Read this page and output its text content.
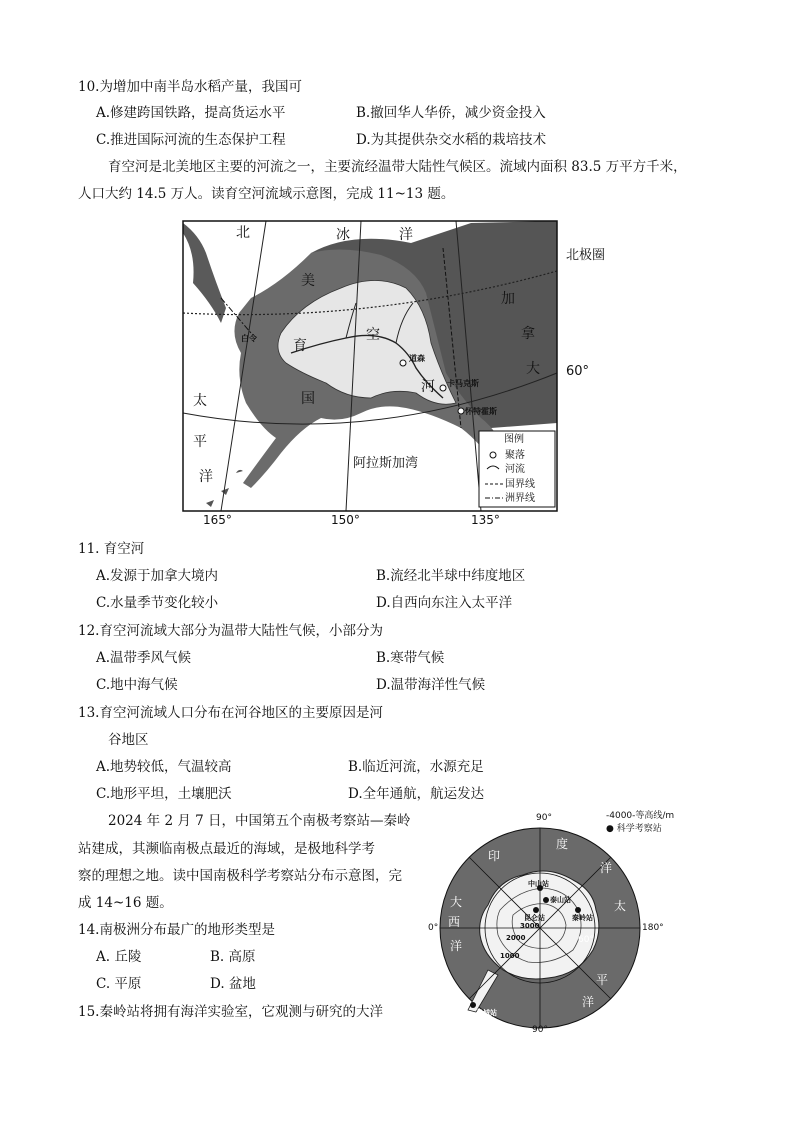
10.为增加中南半岛水稻产量，我国可
A.修建跨国铁路，提高货运水平	B.撤回华人华侨，减少资金投入
C.推进国际河流的生态保护工程	D.为其提供杂交水稻的栽培技术
育空河是北美地区主要的河流之一，主要流经温带大陆性气候区。流域内面积 83.5 万平方千米，
人口大约 14.5 万人。读育空河流域示意图，完成 11~13 题。
北	冰	洋
美
育
国
空
河
加
拿
大
太
平
洋
阿拉斯加湾
道森
卡马克斯
怀特霍斯
白令
图例
聚落
河流
国界线
洲界线
165°	150°	135°
北极圈
60°
11. 育空河
A.发源于加拿大境内	B.流经北半球中纬度地区
C.水量季节变化较小	D.自西向东注入太平洋
12.育空河流域大部分为温带大陆性气候，小部分为
A.温带季风气候	B.寒带气候
C.地中海气候	D.温带海洋性气候
13.育空河流域人口分布在河谷地区的主要原因是河
谷地区
A.地势较低，气温较高	B.临近河流，水源充足
C.地形平坦，土壤肥沃	D.全年通航，航运发达
2024 年 2 月 7 日，中国第五个南极考察站—秦岭
站建成，其濒临南极点最近的海域，是极地科学考
察的理想之地。读中国南极科学考察站分布示意图，完
成 14~16 题。
14.南极洲分布最广的地形类型是
A. 丘陵	B. 高原
C. 平原	D. 盆地
15.秦岭站将拥有海洋实验室，它观测与研究的大洋
90°
0°	180°
90°
60°
-4000-等高线/m
● 科学考察站
印
度
洋
大
西
洋
太
平
洋
中山站
泰山站
昆仑站	秦岭站
长城站
2000
3000
1000
